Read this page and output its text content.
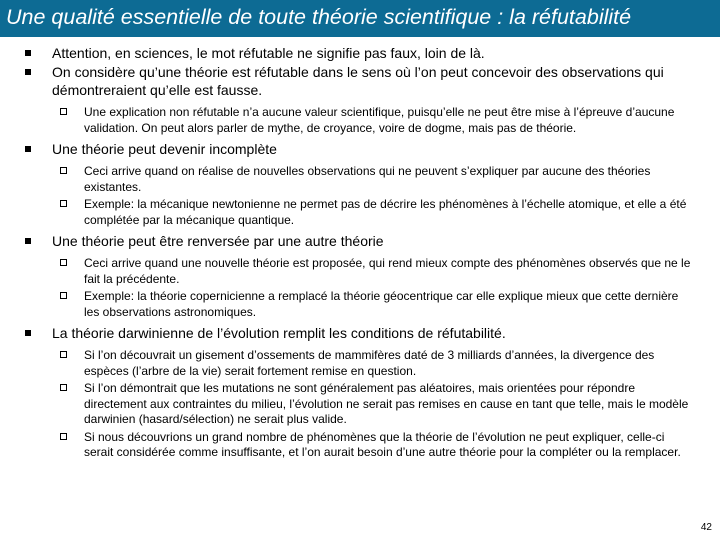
Une qualité essentielle de toute théorie scientifique : la réfutabilité
Attention, en sciences, le mot réfutable ne signifie pas faux, loin de là.
On considère qu’une théorie est réfutable dans le sens où l’on peut concevoir des observations qui démontreraient qu’elle est fausse.
Une explication non réfutable n’a aucune valeur scientifique, puisqu’elle ne peut être mise à l’épreuve d’aucune validation. On peut alors parler de mythe, de croyance, voire de dogme, mais pas de théorie.
Une théorie peut devenir incomplète
Ceci arrive quand on réalise de nouvelles observations qui ne peuvent s’expliquer par aucune des théories existantes.
Exemple: la mécanique newtonienne ne permet pas de décrire les phénomènes à l’échelle atomique, et elle a été complétée par la mécanique quantique.
Une théorie peut être renversée par une autre théorie
Ceci arrive quand une nouvelle théorie est proposée, qui rend mieux compte des phénomènes observés que ne le fait la précédente.
Exemple: la théorie copernicienne a remplacé la théorie géocentrique car elle explique mieux que cette dernière les observations astronomiques.
La théorie darwinienne de l’évolution remplit les conditions de réfutabilité.
Si l’on découvrait un gisement d’ossements de mammifères daté de 3 milliards d’années, la divergence des espèces (l’arbre de la vie) serait fortement remise en question.
Si l’on démontrait que les mutations ne sont généralement pas aléatoires, mais orientées pour répondre directement aux contraintes du milieu, l’évolution ne serait pas remises en cause en tant que telle, mais le modèle darwinien (hasard/sélection) ne serait plus valide.
Si nous découvrions un grand nombre de phénomènes que la théorie de l’évolution ne peut expliquer, celle-ci serait considérée comme insuffisante, et l’on aurait besoin d’une autre théorie pour la compléter ou la remplacer.
42
